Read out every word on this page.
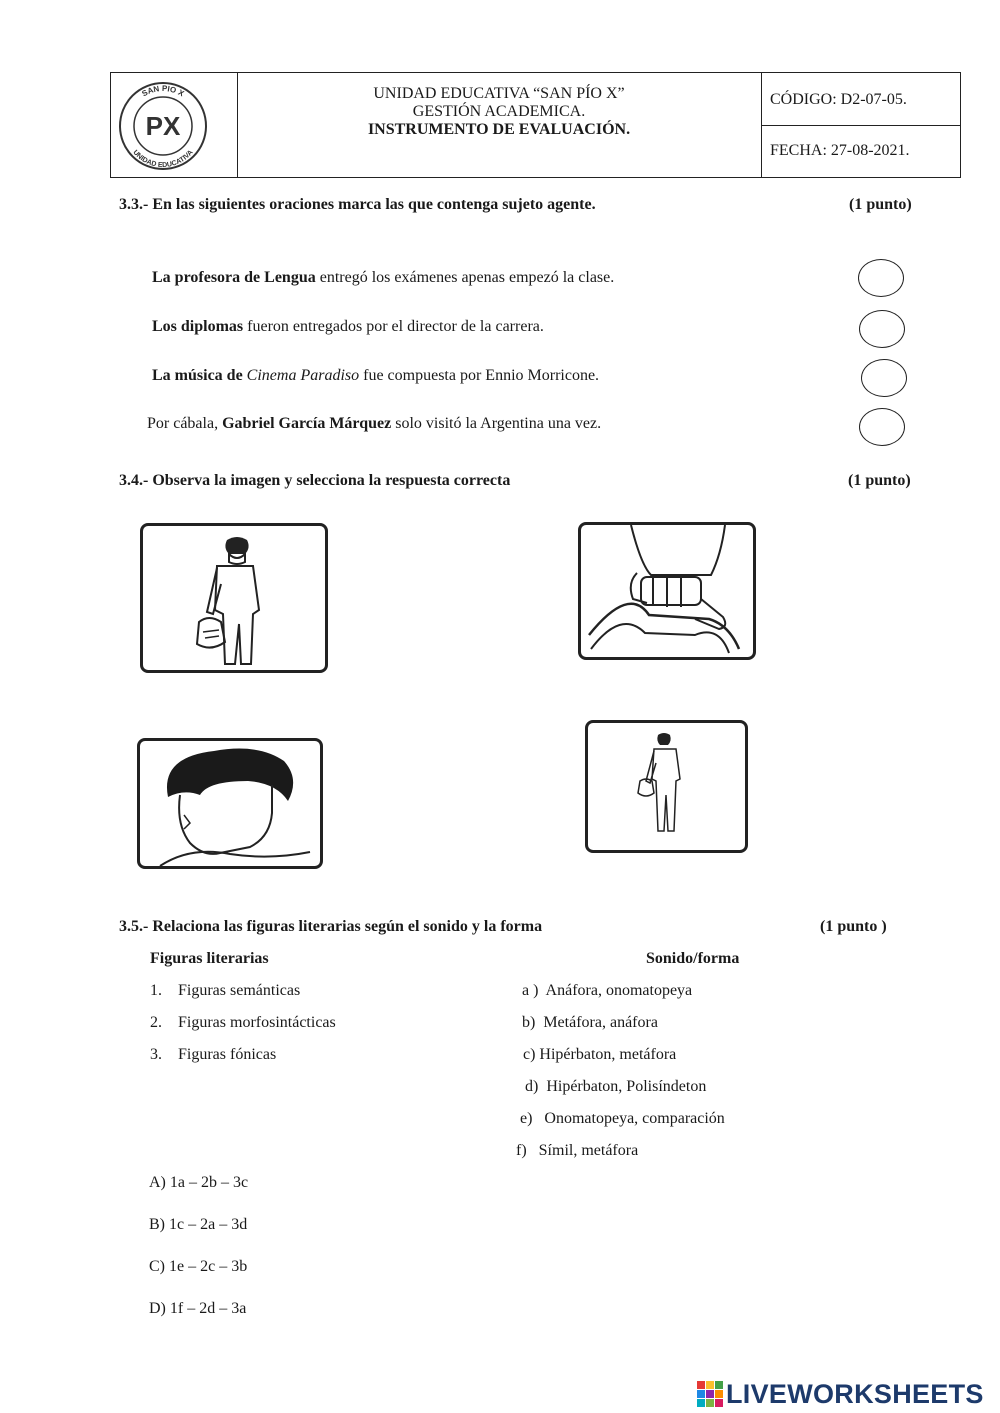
SAN PIO X
UNIDAD EDUCATIVA
PX
UNIDAD EDUCATIVA “SAN PÍO X”
GESTIÓN ACADEMICA.
INSTRUMENTO DE EVALUACIÓN.
CÓDIGO: D2-07-05.
FECHA: 27-08-2021.
3.3.- En las siguientes oraciones marca las que contenga sujeto agente.	(1 punto)
La profesora de Lengua entregó los exámenes apenas empezó la clase.
Los diplomas fueron entregados por el director de la carrera.
La música de Cinema Paradiso fue compuesta por Ennio Morricone.
Por cábala, Gabriel García Márquez solo visitó la Argentina una vez.
3.4.- Observa la imagen y selecciona la respuesta correcta	(1 punto)
3.5.- Relaciona las figuras literarias según el sonido y la forma	(1 punto )
Figuras literarias	Sonido/forma
1. Figuras semánticas
2. Figuras morfosintácticas
3. Figuras fónicas
a )  Anáfora, onomatopeya
b)  Metáfora, anáfora
c) Hipérbaton, metáfora
d)  Hipérbaton, Polisíndeton
e)   Onomatopeya, comparación
f)   Símil, metáfora
A) 1a – 2b – 3c
B) 1c – 2a – 3d
C) 1e – 2c – 3b
D) 1f – 2d – 3a
LIVEWORKSHEETS
